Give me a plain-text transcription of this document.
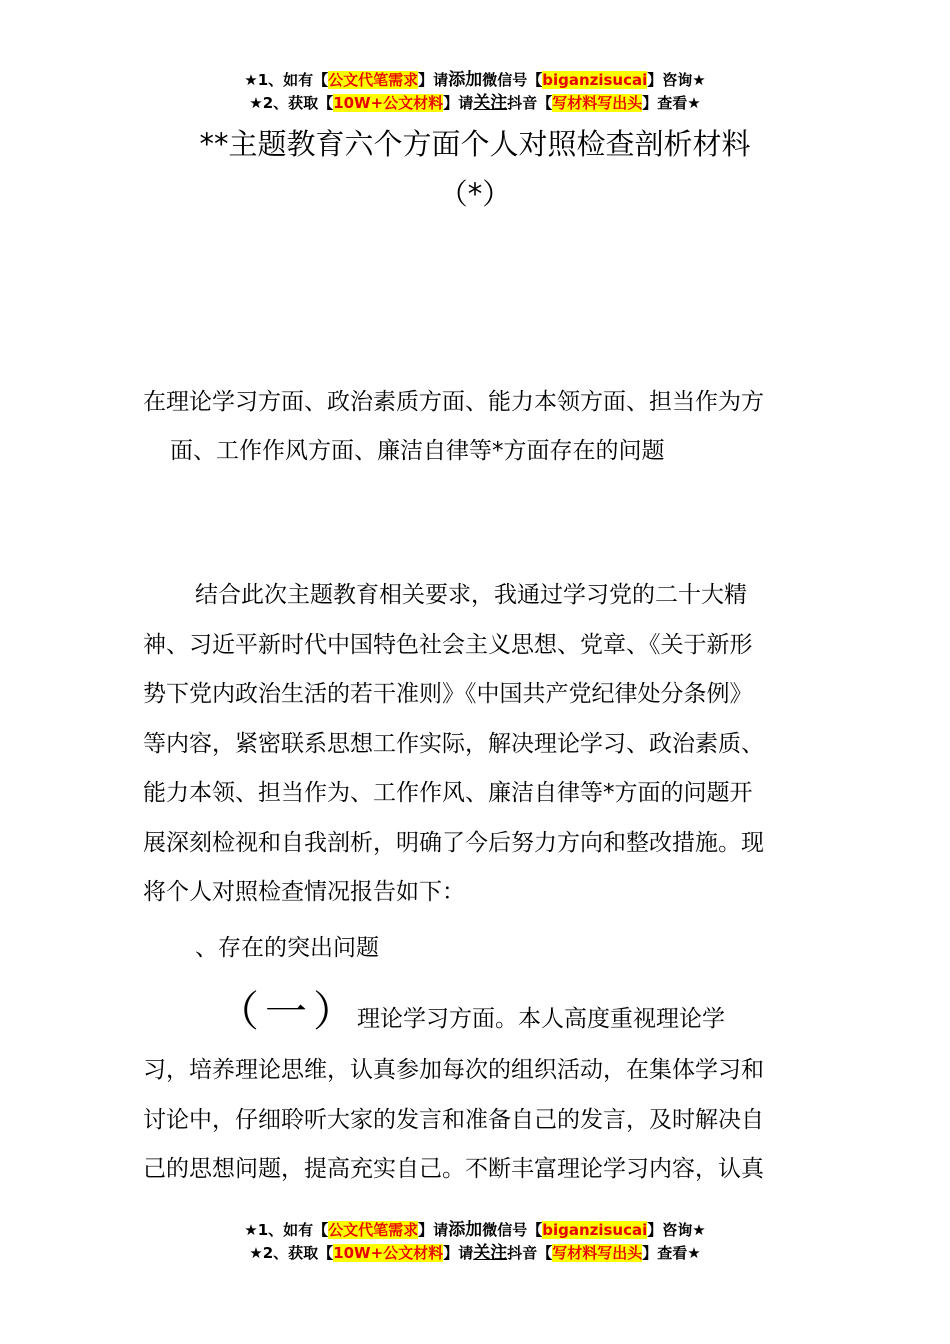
★1、如有【公文代笔需求】请添加微信号【biganzisucai】咨询★
★2、获取【10W+公文材料】请关注抖音【写材料写出头】查看★
**主题教育六个方面个人对照检查剖析材料
（*）
在理论学习方面、政治素质方面、能力本领方面、担当作为方
面、工作作风方面、廉洁自律等*方面存在的问题
结合此次主题教育相关要求，我通过学习党的二十大精
神、习近平新时代中国特色社会主义思想、党章、《关于新形
势下党内政治生活的若干准则》《中国共产党纪律处分条例》
等内容，紧密联系思想工作实际，解决理论学习、政治素质、
能力本领、担当作为、工作作风、廉洁自律等*方面的问题开
展深刻检视和自我剖析，明确了今后努力方向和整改措施。现
将个人对照检查情况报告如下：
、存在的突出问题
（一）理论学习方面。本人高度重视理论学
习，培养理论思维，认真参加每次的组织活动，在集体学习和
讨论中，仔细聆听大家的发言和准备自己的发言，及时解决自
己的思想问题，提高充实自己。不断丰富理论学习内容，认真
★1、如有【公文代笔需求】请添加微信号【biganzisucai】咨询★
★2、获取【10W+公文材料】请关注抖音【写材料写出头】查看★
